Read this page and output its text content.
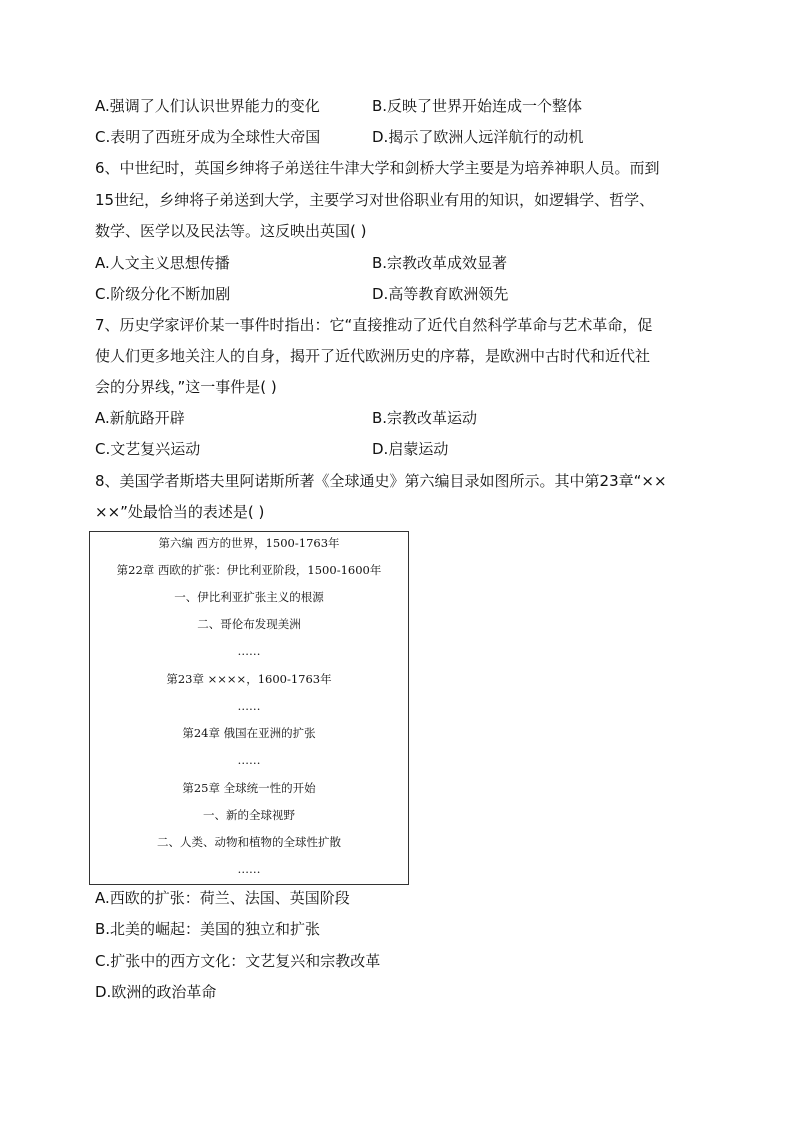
A.强调了人们认识世界能力的变化	B.反映了世界开始连成一个整体
C.表明了西班牙成为全球性大帝国	D.揭示了欧洲人远洋航行的动机
6、中世纪时，英国乡绅将子弟送往牛津大学和剑桥大学主要是为培养神职人员。而到
15世纪，乡绅将子弟送到大学，主要学习对世俗职业有用的知识，如逻辑学、哲学、
数学、医学以及民法等。这反映出英国( )
A.人文主义思想传播	B.宗教改革成效显著
C.阶级分化不断加剧	D.高等教育欧洲领先
7、历史学家评价某一事件时指出：它“直接推动了近代自然科学革命与艺术革命，促
使人们更多地关注人的自身，揭开了近代欧洲历史的序幕，是欧洲中古时代和近代社
会的分界线，”这一事件是( )
A.新航路开辟	B.宗教改革运动
C.文艺复兴运动	D.启蒙运动
8、美国学者斯塔夫里阿诺斯所著《全球通史》第六编目录如图所示。其中第23章“××
××”处最恰当的表述是( )
第六编 西方的世界，1500-1763年
第22章 西欧的扩张：伊比利亚阶段，1500-1600年
一、伊比利亚扩张主义的根源
二、哥伦布发现美洲
……
第23章 ××××，1600-1763年
……
第24章 俄国在亚洲的扩张
……
第25章 全球统一性的开始
一、新的全球视野
二、人类、动物和植物的全球性扩散
……
A.西欧的扩张：荷兰、法国、英国阶段
B.北美的崛起：美国的独立和扩张
C.扩张中的西方文化：文艺复兴和宗教改革
D.欧洲的政治革命
